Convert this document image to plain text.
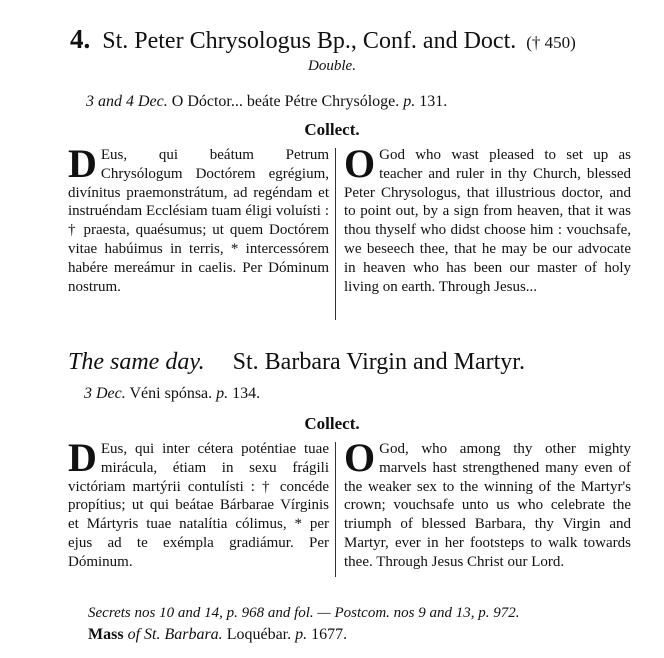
4. St. Peter Chrysologus Bp., Conf. and Doct. († 450)
Double.
3 and 4 Dec. O Dóctor... beáte Pétre Chrysólogе. p. 131.
Collect.
D Eus, qui beátum Petrum Chrysólogum Doctórem egrégium, divínitus praemonstrátum, ad regéndam et instruéndam Ecclésiam tuam éligi voluísti : † praesta, quaésumus; ut quem Doctórem vitae habúimus in terris, * intercessórem habére mereámur in caelis. Per Dóminum nostrum.
O God who wast pleased to set up as teacher and ruler in thy Church, blessed Peter Chrysologus, that illustrious doctor, and to point out, by a sign from heaven, that it was thou thyself who didst choose him : vouchsafe, we beseech thee, that he may be our advocate in heaven who has been our master of holy living on earth. Through Jesus...
The same day. St. Barbara Virgin and Martyr.
3 Dec. Véni spónsa. p. 134.
Collect.
D Eus, qui inter cétera poténtiae tuae mirácula, étiam in sexu frágili victóriam martýrii contulísti : † concéde propítius; ut qui beátae Bárbarae Vírginis et Mártyris tuae natalítia cólimus, * per ejus ad te exémpla gradiámur. Per Dóminum.
O God, who among thy other mighty marvels hast strengthened many even of the weaker sex to the winning of the Martyr's crown; vouchsafe unto us who celebrate the triumph of blessed Barbara, thy Virgin and Martyr, ever in her footsteps to walk towards thee. Through Jesus Christ our Lord.
Secrets nos 10 and 14, p. 968 and fol. — Postcom. nos 9 and 13, p. 972.
Mass of St. Barbara. Loquébar. p. 1677.
